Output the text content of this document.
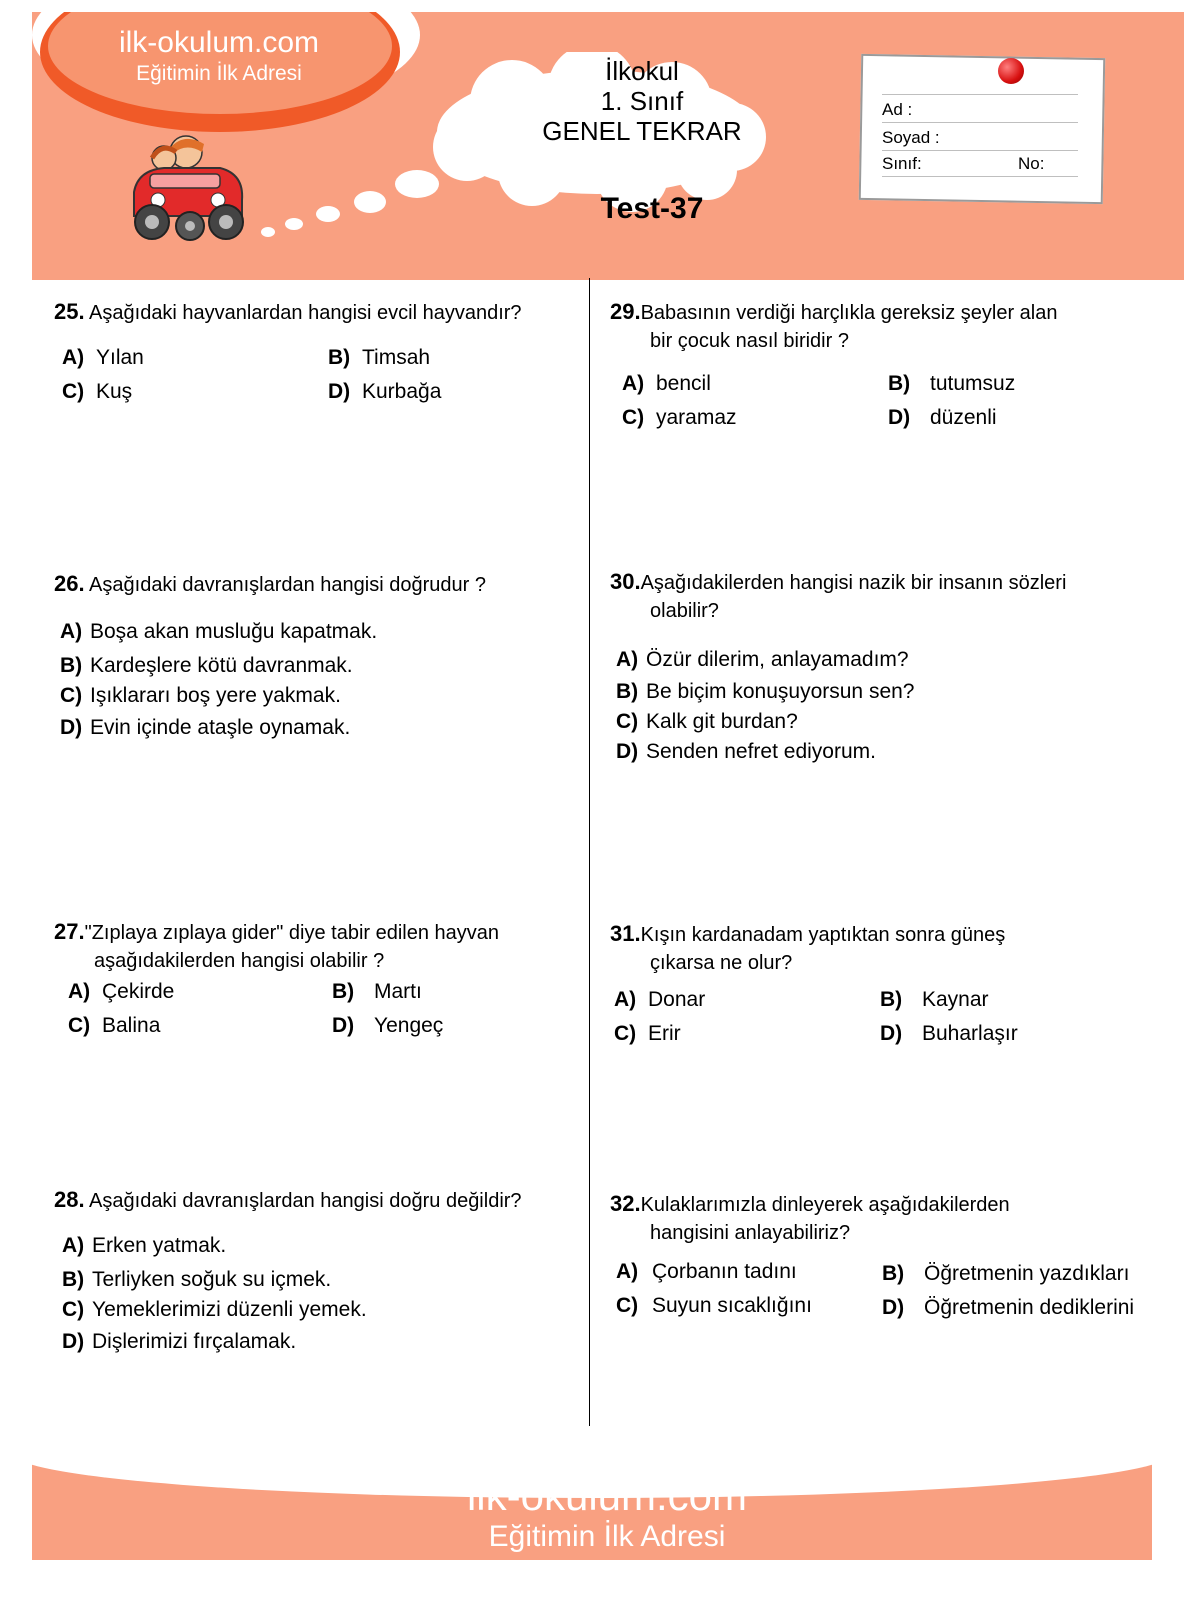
ilk-okulum.com
Eğitimin İlk Adresi	İlkokul
1. Sınıf
GENEL TEKRAR
Test-37
Ad :
Soyad :
Sınıf:	No:
25. Aşağıdaki hayvanlardan hangisi evcil hayvandır?
A) Yılan	B) Timsah
C) Kuş	D) Kurbağa
26. Aşağıdaki davranışlardan hangisi doğrudur ?
A) Boşa akan musluğu kapatmak.
B) Kardeşlere kötü davranmak.
C) Işıklararı boş yere yakmak.
D) Evin içinde ataşle oynamak.
27."Zıplaya zıplaya gider" diye tabir edilen hayvan
aşağıdakilerden hangisi olabilir ?
A) Çekirde	B) Martı
C) Balina	D) Yengeç
28. Aşağıdaki davranışlardan hangisi doğru değildir?
A) Erken yatmak.
B) Terliyken soğuk su içmek.
C) Yemeklerimizi düzenli yemek.
D) Dişlerimizi fırçalamak.
29.Babasının verdiği harçlıkla gereksiz şeyler alan
bir çocuk nasıl biridir ?
A) bencil	B) tutumsuz
C) yaramaz	D) düzenli
30.Aşağıdakilerden hangisi nazik bir insanın sözleri
olabilir?
A) Özür dilerim, anlayamadım?
B) Be biçim konuşuyorsun sen?
C) Kalk git burdan?
D) Senden nefret ediyorum.
31.Kışın kardanadam yaptıktan sonra güneş
çıkarsa ne olur?
A) Donar	B) Kaynar
C) Erir	D) Buharlaşır
32.Kulaklarımızla dinleyerek aşağıdakilerden
hangisini anlayabiliriz?
A) Çorbanın tadını	B) Öğretmenin yazdıkları
C) Suyun sıcaklığını	D) Öğretmenin dediklerini
ilk-okulum.com
Eğitimin İlk Adresi
